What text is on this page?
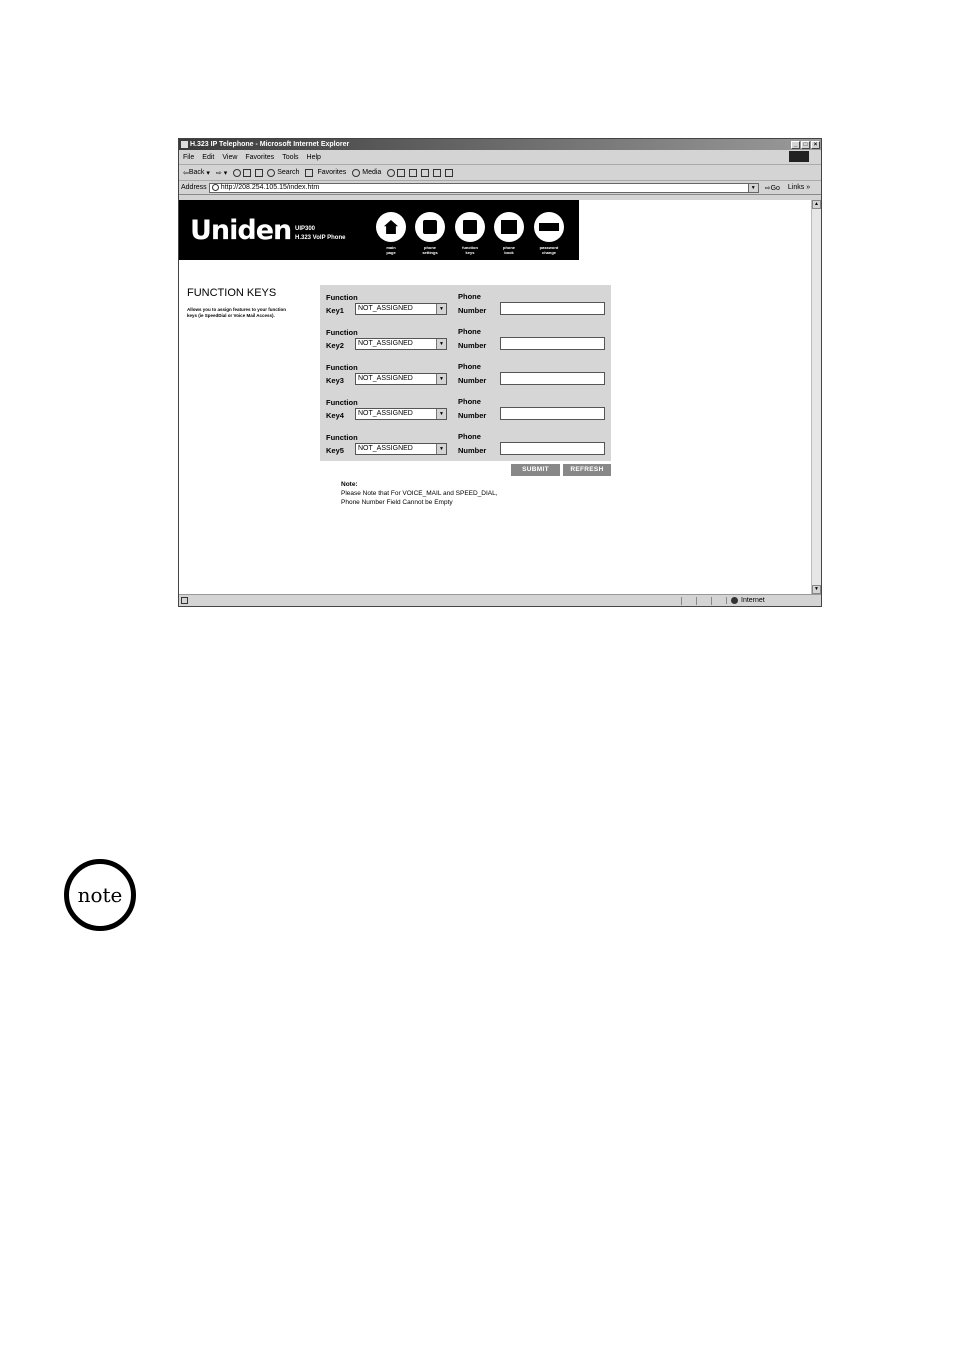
H.323 IP Telephone - Microsoft Internet Explorer	_	□	×
File Edit View Favorites Tools Help
⇦ Back ▾ ⇨ ▾	Search	Favorites Media
Address http://208.254.105.15/index.htm	▼ ⇨Go Links »
Uniden UIP300
H.323 VoIP Phone
main
page
phone
settings
function
keys
phone
book
password
change
FUNCTION KEYS
Allows you to assign features to your function keys (ie SpeedDial or Voice Mail Access).
Function
Key1	NOT_ASSIGNED	▼
Phone
Number
Function
Key2	NOT_ASSIGNED	▼
Phone
Number
Function
Key3	NOT_ASSIGNED	▼
Phone
Number
Function
Key4	NOT_ASSIGNED	▼
Phone
Number
Function
Key5	NOT_ASSIGNED	▼
Phone
Number
SUBMIT	REFRESH
Note:
Please Note that For VOICE_MAIL and SPEED_DIAL,
Phone Number Field Cannot be Empty
▲
▼
Internet
note
